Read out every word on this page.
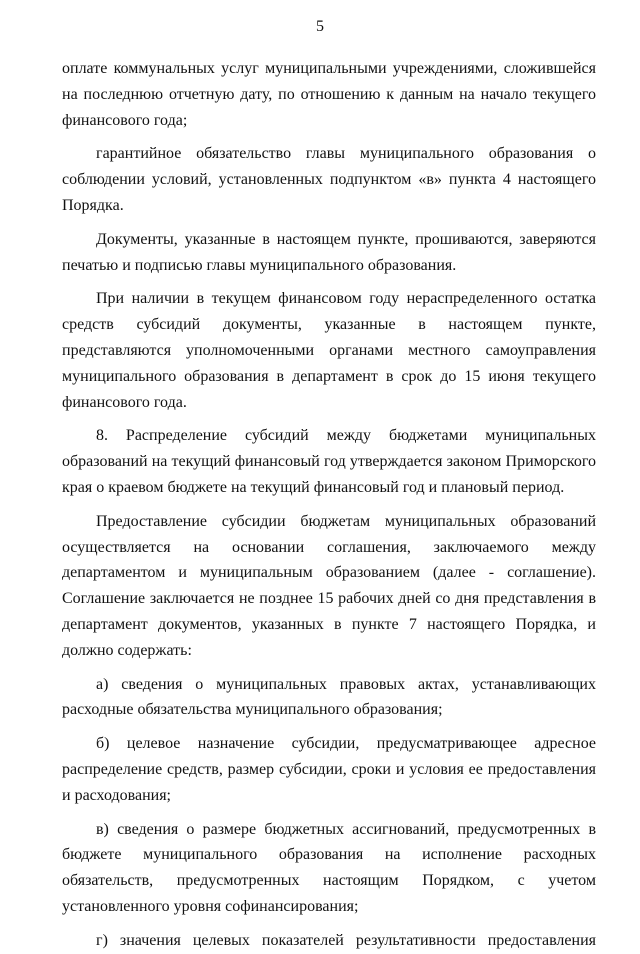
5

оплате коммунальных услуг муниципальными учреждениями, сложившейся на последнюю отчетную дату, по отношению к данным на начало текущего финансового года;

гарантийное обязательство главы муниципального образования о соблюдении условий, установленных подпунктом «в» пункта 4 настоящего Порядка.

Документы, указанные в настоящем пункте, прошиваются, заверяются печатью и подписью главы муниципального образования.

При наличии в текущем финансовом году нераспределенного остатка средств субсидий документы, указанные в настоящем пункте, представляются уполномоченными органами местного самоуправления муниципального образования в департамент в срок до 15 июня текущего финансового года.

8. Распределение субсидий между бюджетами муниципальных образований на текущий финансовый год утверждается законом Приморского края о краевом бюджете на текущий финансовый год и плановый период.

Предоставление субсидии бюджетам муниципальных образований осуществляется на основании соглашения, заключаемого между департаментом и муниципальным образованием (далее - соглашение). Соглашение заключается не позднее 15 рабочих дней со дня представления в департамент документов, указанных в пункте 7 настоящего Порядка, и должно содержать:

а) сведения о муниципальных правовых актах, устанавливающих расходные обязательства муниципального образования;

б) целевое назначение субсидии, предусматривающее адресное распределение средств, размер субсидии, сроки и условия ее предоставления и расходования;

в) сведения о размере бюджетных ассигнований, предусмотренных в бюджете муниципального образования на исполнение расходных обязательств, предусмотренных настоящим Порядком, с учетом установленного уровня софинансирования;

г) значения целевых показателей результативности предоставления
